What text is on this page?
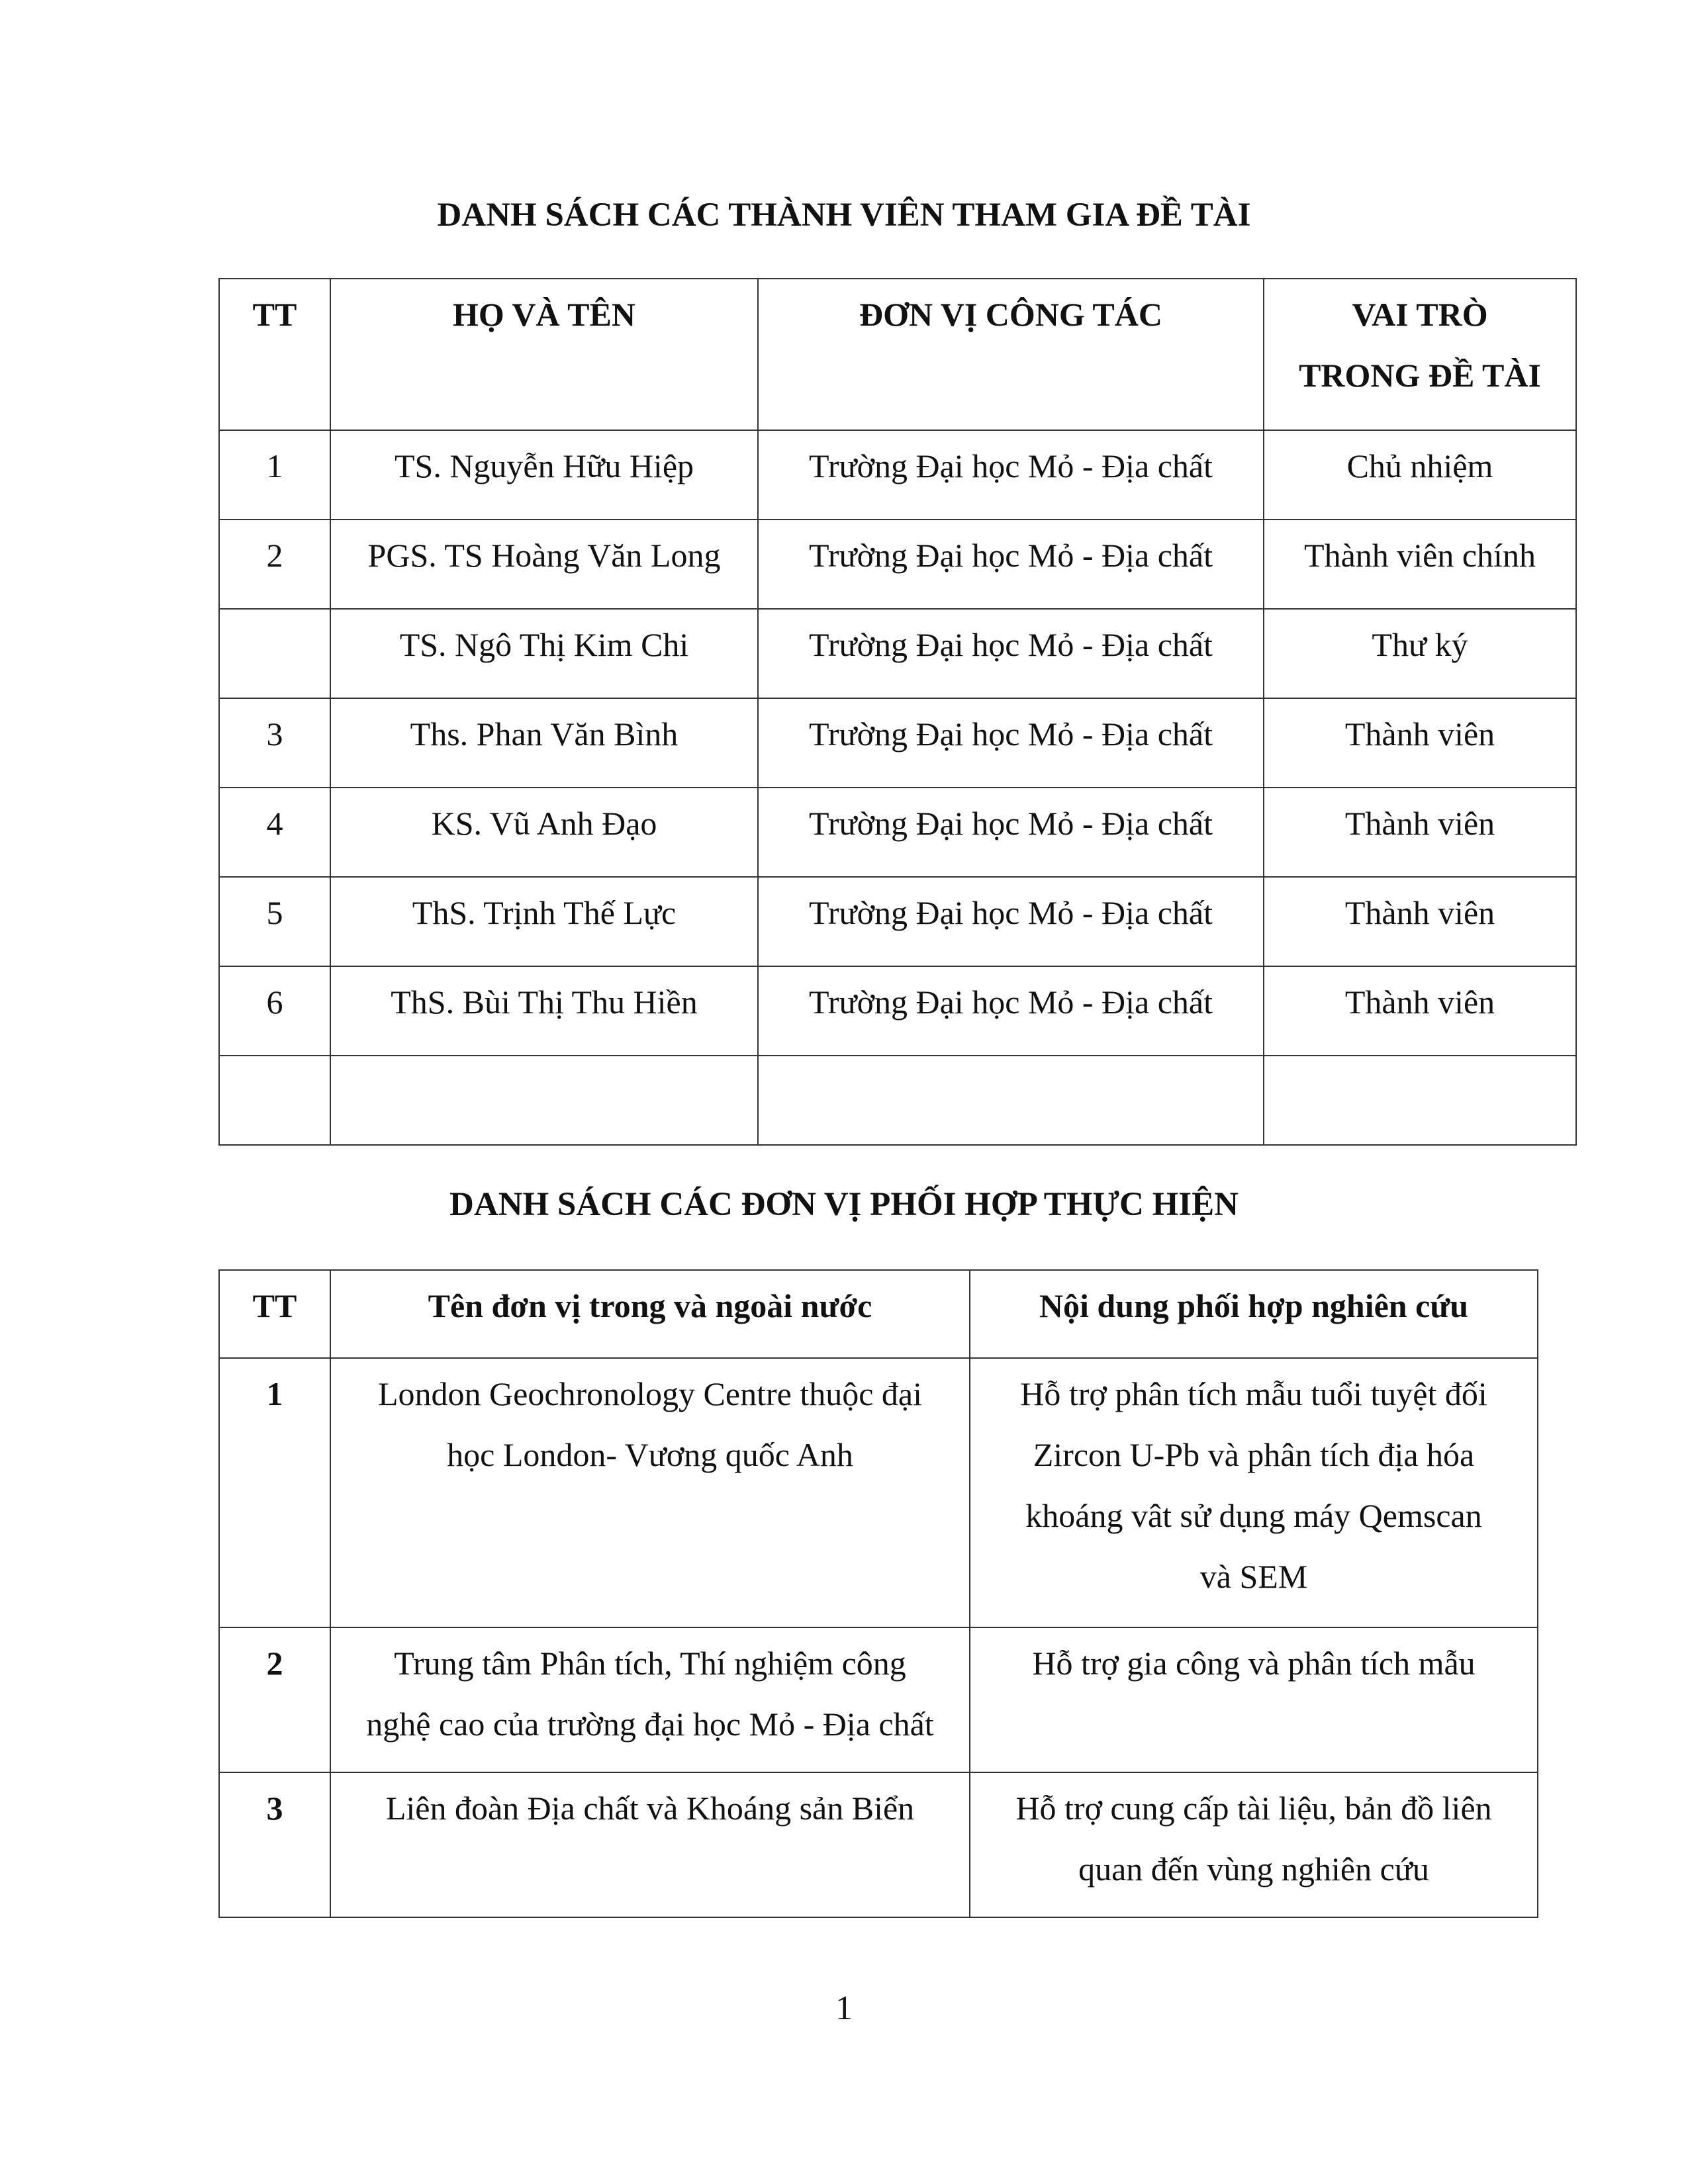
DANH SÁCH CÁC THÀNH VIÊN THAM GIA ĐỀ TÀI
TT	HỌ VÀ TÊN	ĐƠN VỊ CÔNG TÁC	VAI TRÒ
TRONG ĐỀ TÀI
1	TS. Nguyễn Hữu Hiệp	Trường Đại học Mỏ - Địa chất	Chủ nhiệm
2	PGS. TS Hoàng Văn Long	Trường Đại học Mỏ - Địa chất	Thành viên chính
	TS. Ngô Thị Kim Chi	Trường Đại học Mỏ - Địa chất	Thư ký
3	Ths. Phan Văn Bình	Trường Đại học Mỏ - Địa chất	Thành viên
4	KS. Vũ Anh Đạo	Trường Đại học Mỏ - Địa chất	Thành viên
5	ThS. Trịnh Thế Lực	Trường Đại học Mỏ - Địa chất	Thành viên
6	ThS. Bùi Thị Thu Hiền	Trường Đại học Mỏ - Địa chất	Thành viên

DANH SÁCH CÁC ĐƠN VỊ PHỐI HỢP THỰC HIỆN
TT	Tên đơn vị trong và ngoài nước	Nội dung phối hợp nghiên cứu
1	London Geochronology Centre thuộc đại
học London- Vương quốc Anh	Hỗ trợ phân tích mẫu tuổi tuyệt đối
Zircon U-Pb và phân tích địa hóa
khoáng vât sử dụng máy Qemscan
và SEM
2	Trung tâm Phân tích, Thí nghiệm công
nghệ cao của trường đại học Mỏ - Địa chất	Hỗ trợ gia công và phân tích mẫu
3	Liên đoàn Địa chất và Khoáng sản Biển	Hỗ trợ cung cấp tài liệu, bản đồ liên
quan đến vùng nghiên cứu
1
